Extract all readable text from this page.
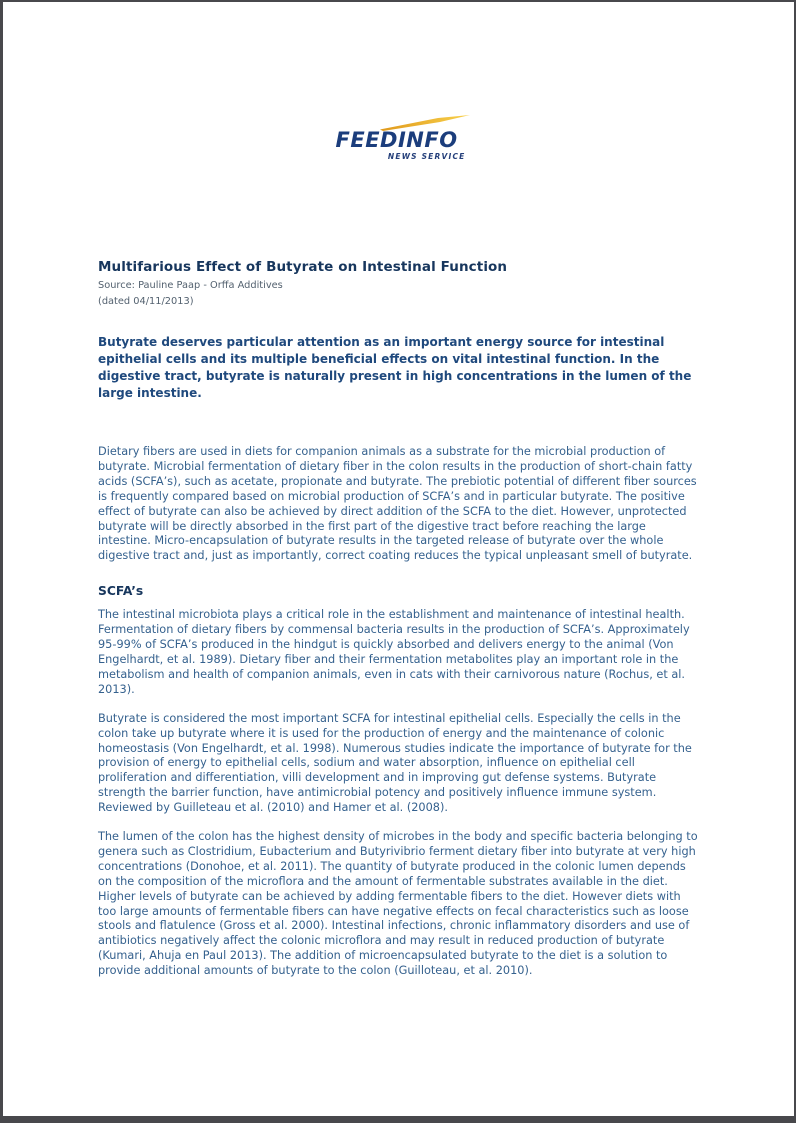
FEEDINFO
NEWS SERVICE
Multifarious Effect of Butyrate on Intestinal Function
Source: Pauline Paap - Orffa Additives
(dated 04/11/2013)

Butyrate deserves particular attention as an important energy source for intestinal epithelial cells and its multiple beneficial effects on vital intestinal function. In the digestive tract, butyrate is naturally present in high concentrations in the lumen of the large intestine.

Dietary fibers are used in diets for companion animals as a substrate for the microbial production of butyrate. Microbial fermentation of dietary fiber in the colon results in the production of short-chain fatty acids (SCFA’s), such as acetate, propionate and butyrate. The prebiotic potential of different fiber sources is frequently compared based on microbial production of SCFA’s and in particular butyrate. The positive effect of butyrate can also be achieved by direct addition of the SCFA to the diet. However, unprotected butyrate will be directly absorbed in the first part of the digestive tract before reaching the large intestine. Micro-encapsulation of butyrate results in the targeted release of butyrate over the whole digestive tract and, just as importantly, correct coating reduces the typical unpleasant smell of butyrate.

SCFA’s

The intestinal microbiota plays a critical role in the establishment and maintenance of intestinal health. Fermentation of dietary fibers by commensal bacteria results in the production of SCFA’s. Approximately 95-99% of SCFA’s produced in the hindgut is quickly absorbed and delivers energy to the animal (Von Engelhardt, et al. 1989). Dietary fiber and their fermentation metabolites play an important role in the metabolism and health of companion animals, even in cats with their carnivorous nature (Rochus, et al. 2013).

Butyrate is considered the most important SCFA for intestinal epithelial cells. Especially the cells in the colon take up butyrate where it is used for the production of energy and the maintenance of colonic homeostasis (Von Engelhardt, et al. 1998). Numerous studies indicate the importance of butyrate for the provision of energy to epithelial cells, sodium and water absorption, influence on epithelial cell proliferation and differentiation, villi development and in improving gut defense systems. Butyrate strength the barrier function, have antimicrobial potency and positively influence immune system. Reviewed by Guilleteau et al. (2010) and Hamer et al. (2008).

The lumen of the colon has the highest density of microbes in the body and specific bacteria belonging to genera such as Clostridium, Eubacterium and Butyrivibrio ferment dietary fiber into butyrate at very high concentrations (Donohoe, et al. 2011). The quantity of butyrate produced in the colonic lumen depends on the composition of the microflora and the amount of fermentable substrates available in the diet. Higher levels of butyrate can be achieved by adding fermentable fibers to the diet. However diets with too large amounts of fermentable fibers can have negative effects on fecal characteristics such as loose stools and flatulence (Gross et al. 2000). Intestinal infections, chronic inflammatory disorders and use of antibiotics negatively affect the colonic microflora and may result in reduced production of butyrate (Kumari, Ahuja en Paul 2013). The addition of microencapsulated butyrate to the diet is a solution to provide additional amounts of butyrate to the colon (Guilloteau, et al. 2010).
